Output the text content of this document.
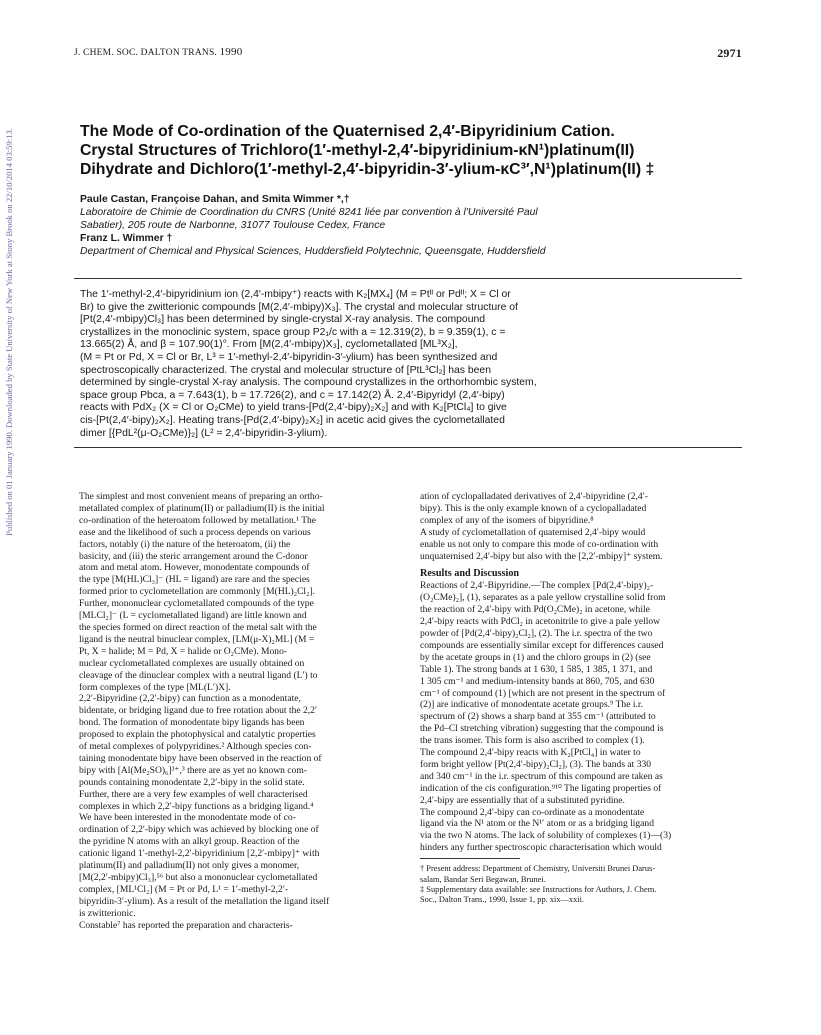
Published on 01 January 1990. Downloaded by State University of New York at Stony Brook on 22/10/2014 03:59:13.
J. CHEM. SOC. DALTON TRANS. 1990	2971
The Mode of Co-ordination of the Quaternised 2,4′-Bipyridinium Cation.
Crystal Structures of Trichloro(1′-methyl-2,4′-bipyridinium-κN¹)platinum(II)
Dihydrate and Dichloro(1′-methyl-2,4′-bipyridin-3′-ylium-κC³′,N¹)platinum(II) ‡
Paule Castan, Françoise Dahan, and Smita Wimmer *,†
Laboratoire de Chimie de Coordination du CNRS (Unité 8241 liée par convention à l'Université Paul
Sabatier), 205 route de Narbonne, 31077 Toulouse Cedex, France
Franz L. Wimmer †
Department of Chemical and Physical Sciences, Huddersfield Polytechnic, Queensgate, Huddersfield
The 1′-methyl-2,4′-bipyridinium ion (2,4′-mbipy⁺) reacts with K₂[MX₄] (M = Ptᴵᴵ or Pdᴵᴵ; X = Cl or
Br) to give the zwitterionic compounds [M(2,4′-mbipy)X₃]. The crystal and molecular structure of
[Pt(2,4′-mbipy)Cl₃] has been determined by single-crystal X-ray analysis. The compound
crystallizes in the monoclinic system, space group P2₁/c with a = 12.319(2), b = 9.359(1), c =
13.665(2) Å, and β = 107.90(1)°. From [M(2,4′-mbipy)X₃], cyclometallated [ML³X₂],
(M = Pt or Pd, X = Cl or Br, L³ = 1′-methyl-2,4′-bipyridin-3′-ylium) has been synthesized and
spectroscopically characterized. The crystal and molecular structure of [PtL³Cl₂] has been
determined by single-crystal X-ray analysis. The compound crystallizes in the orthorhombic system,
space group Pbca, a = 7.643(1), b = 17.726(2), and c = 17.142(2) Å. 2,4′-Bipyridyl (2,4′-bipy)
reacts with PdX₂ (X = Cl or O₂CMe) to yield trans-[Pd(2,4′-bipy)₂X₂] and with K₂[PtCl₄] to give
cis-[Pt(2,4′-bipy)₂X₂]. Heating trans-[Pd(2,4′-bipy)₂X₂] in acetic acid gives the cyclometallated
dimer [{PdL²(μ-O₂CMe)}₂] (L² = 2,4′-bipyridin-3-ylium).
The simplest and most convenient means of preparing an ortho-
metallated complex of platinum(II) or palladium(II) is the initial
co-ordination of the heteroatom followed by metallation.¹ The
ease and the likelihood of such a process depends on various
factors, notably (i) the nature of the heteroatom, (ii) the
basicity, and (iii) the steric arrangement around the C-donor
atom and metal atom. However, monodentate compounds of
the type [M(HL)Cl₃]⁻ (HL = ligand) are rare and the species
formed prior to cyclometellation are commonly [M(HL)₂Cl₂].
Further, mononuclear cyclometallated compounds of the type
[MLCl₂]⁻ (L = cyclometallated ligand) are little known and
the species formed on direct reaction of the metal salt with the
ligand is the neutral binuclear complex, [LM(μ-X)₂ML] (M =
Pt, X = halide; M = Pd, X = halide or O₂CMe). Mono-
nuclear cyclometallated complexes are usually obtained on
cleavage of the dinuclear complex with a neutral ligand (L′) to
form complexes of the type [ML(L′)X].
2,2′-Bipyridine (2,2′-bipy) can function as a monodentate,
bidentate, or bridging ligand due to free rotation about the 2,2′
bond. The formation of monodentate bipy ligands has been
proposed to explain the photophysical and catalytic properties
of metal complexes of polypyridines.² Although species con-
taining monodentate bipy have been observed in the reaction of
bipy with [Al(Me₂SO)₆]³⁺,³ there are as yet no known com-
pounds containing monodentate 2,2′-bipy in the solid state.
Further, there are a very few examples of well characterised
complexes in which 2,2′-bipy functions as a bridging ligand.⁴
We have been interested in the monodentate mode of co-
ordination of 2,2′-bipy which was achieved by blocking one of
the pyridine N atoms with an alkyl group. Reaction of the
cationic ligand 1′-methyl-2,2′-bipyridinium [2,2′-mbipy]⁺ with
platinum(II) and palladium(II) not only gives a monomer,
[M(2,2′-mbipy)Cl₃],⁵⁶ but also a mononuclear cyclometallated
complex, [ML¹Cl₂] (M = Pt or Pd, L¹ = 1′-methyl-2,2′-
bipyridin-3′-ylium). As a result of the metallation the ligand itself
is zwitterionic.
Constable⁷ has reported the preparation and characteris-
ation of cyclopalladated derivatives of 2,4′-bipyridine (2,4′-
bipy). This is the only example known of a cyclopalladated
complex of any of the isomers of bipyridine.⁸
A study of cyclometallation of quaternised 2,4′-bipy would
enable us not only to compare this mode of co-ordination with
unquaternised 2,4′-bipy but also with the [2,2′-mbipy]⁺ system.
Results and Discussion
Reactions of 2,4′-Bipyridine.—The complex [Pd(2,4′-bipy)₂-
(O₂CMe)₂], (1), separates as a pale yellow crystalline solid from
the reaction of 2,4′-bipy with Pd(O₂CMe)₂ in acetone, while
2,4′-bipy reacts with PdCl₂ in acetonitrile to give a pale yellow
powder of [Pd(2,4′-bipy)₂Cl₂], (2). The i.r. spectra of the two
compounds are essentially similar except for differences caused
by the acetate groups in (1) and the chloro groups in (2) (see
Table 1). The strong bands at 1 630, 1 585, 1 385, 1 371, and
1 305 cm⁻¹ and medium-intensity bands at 860, 705, and 630
cm⁻¹ of compound (1) [which are not present in the spectrum of
(2)] are indicative of monodentate acetate groups.⁹ The i.r.
spectrum of (2) shows a sharp band at 355 cm⁻¹ (attributed to
the Pd–Cl stretching vibration) suggesting that the compound is
the trans isomer. This form is also ascribed to complex (1).
The compound 2,4′-bipy reacts with K₂[PtCl₄] in water to
form bright yellow [Pt(2,4′-bipy)₂Cl₂], (3). The bands at 330
and 340 cm⁻¹ in the i.r. spectrum of this compound are taken as
indication of the cis configuration.⁹¹⁰ The ligating properties of
2,4′-bipy are essentially that of a substituted pyridine.
The compound 2,4′-bipy can co-ordinate as a monodentate
ligand via the N¹ atom or the N¹′ atom or as a bridging ligand
via the two N atoms. The lack of solubility of complexes (1)—(3)
hinders any further spectroscopic characterisation which would
† Present address: Department of Chemistry, Universiti Brunei Darus-
salam, Bandar Seri Begawan, Brunei.
‡ Supplementary data available: see Instructions for Authors, J. Chem.
Soc., Dalton Trans., 1990, Issue 1, pp. xix—xxii.
